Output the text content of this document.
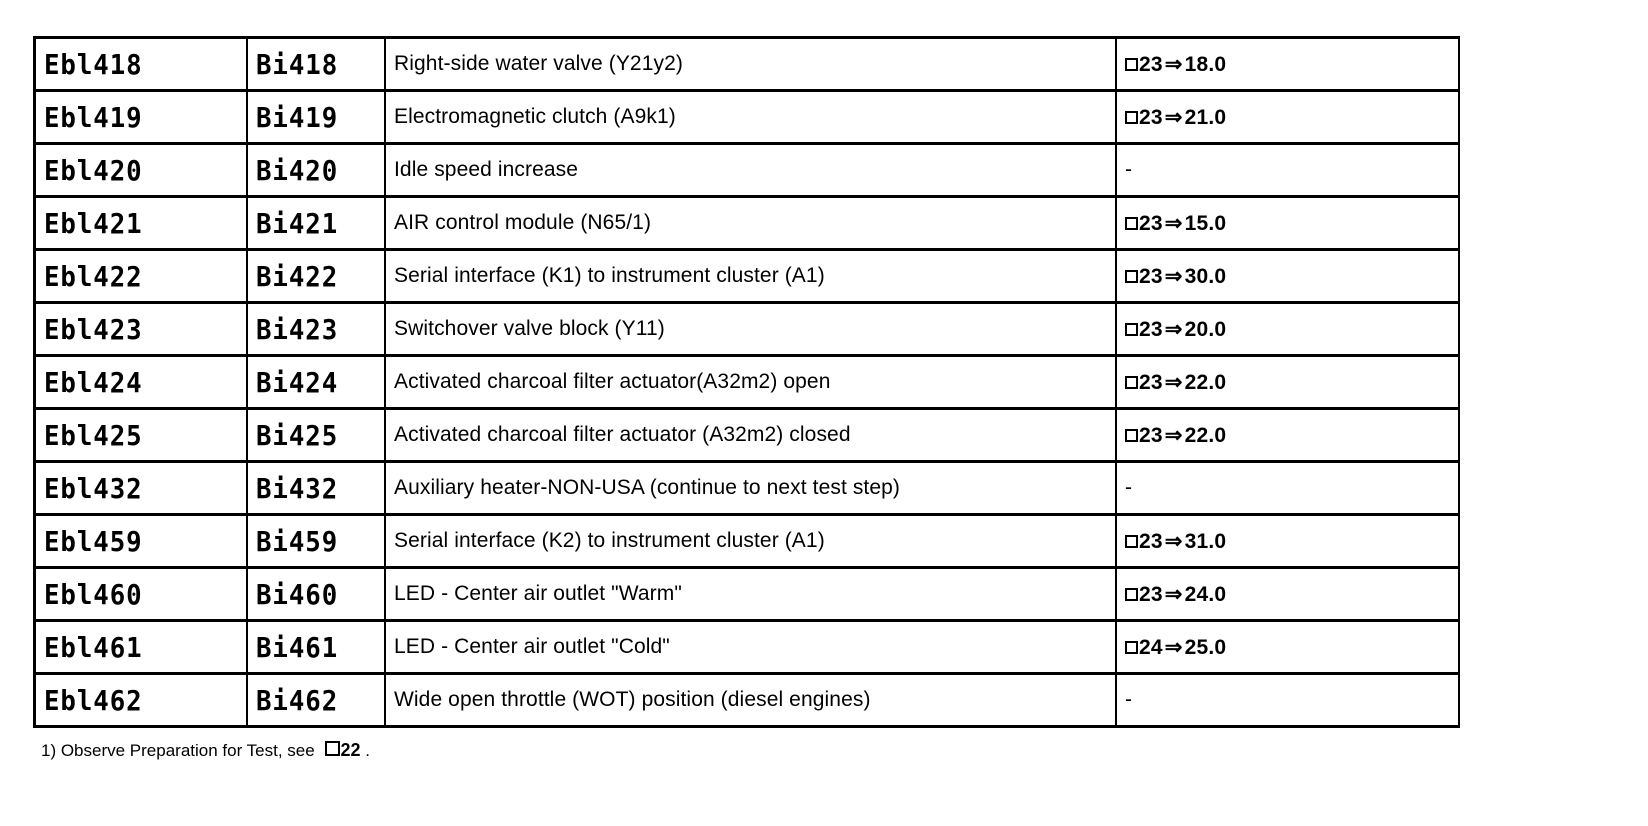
Ebl418	Bi418	Right-side water valve (Y21y2)	23⇒18.0
Ebl419	Bi419	Electromagnetic clutch (A9k1)	23⇒21.0
Ebl420	Bi420	Idle speed increase	-
Ebl421	Bi421	AIR control module (N65/1)	23⇒15.0
Ebl422	Bi422	Serial interface (K1) to instrument cluster (A1)	23⇒30.0
Ebl423	Bi423	Switchover valve block (Y11)	23⇒20.0
Ebl424	Bi424	Activated charcoal filter actuator(A32m2) open	23⇒22.0
Ebl425	Bi425	Activated charcoal filter actuator (A32m2) closed	23⇒22.0
Ebl432	Bi432	Auxiliary heater-NON-USA (continue to next test step)	-
Ebl459	Bi459	Serial interface (K2) to instrument cluster (A1)	23⇒31.0
Ebl460	Bi460	LED - Center air outlet "Warm"	23⇒24.0
Ebl461	Bi461	LED - Center air outlet "Cold"	24⇒25.0
Ebl462	Bi462	Wide open throttle (WOT) position (diesel engines)	-
1) Observe Preparation for Test, see 22 .
